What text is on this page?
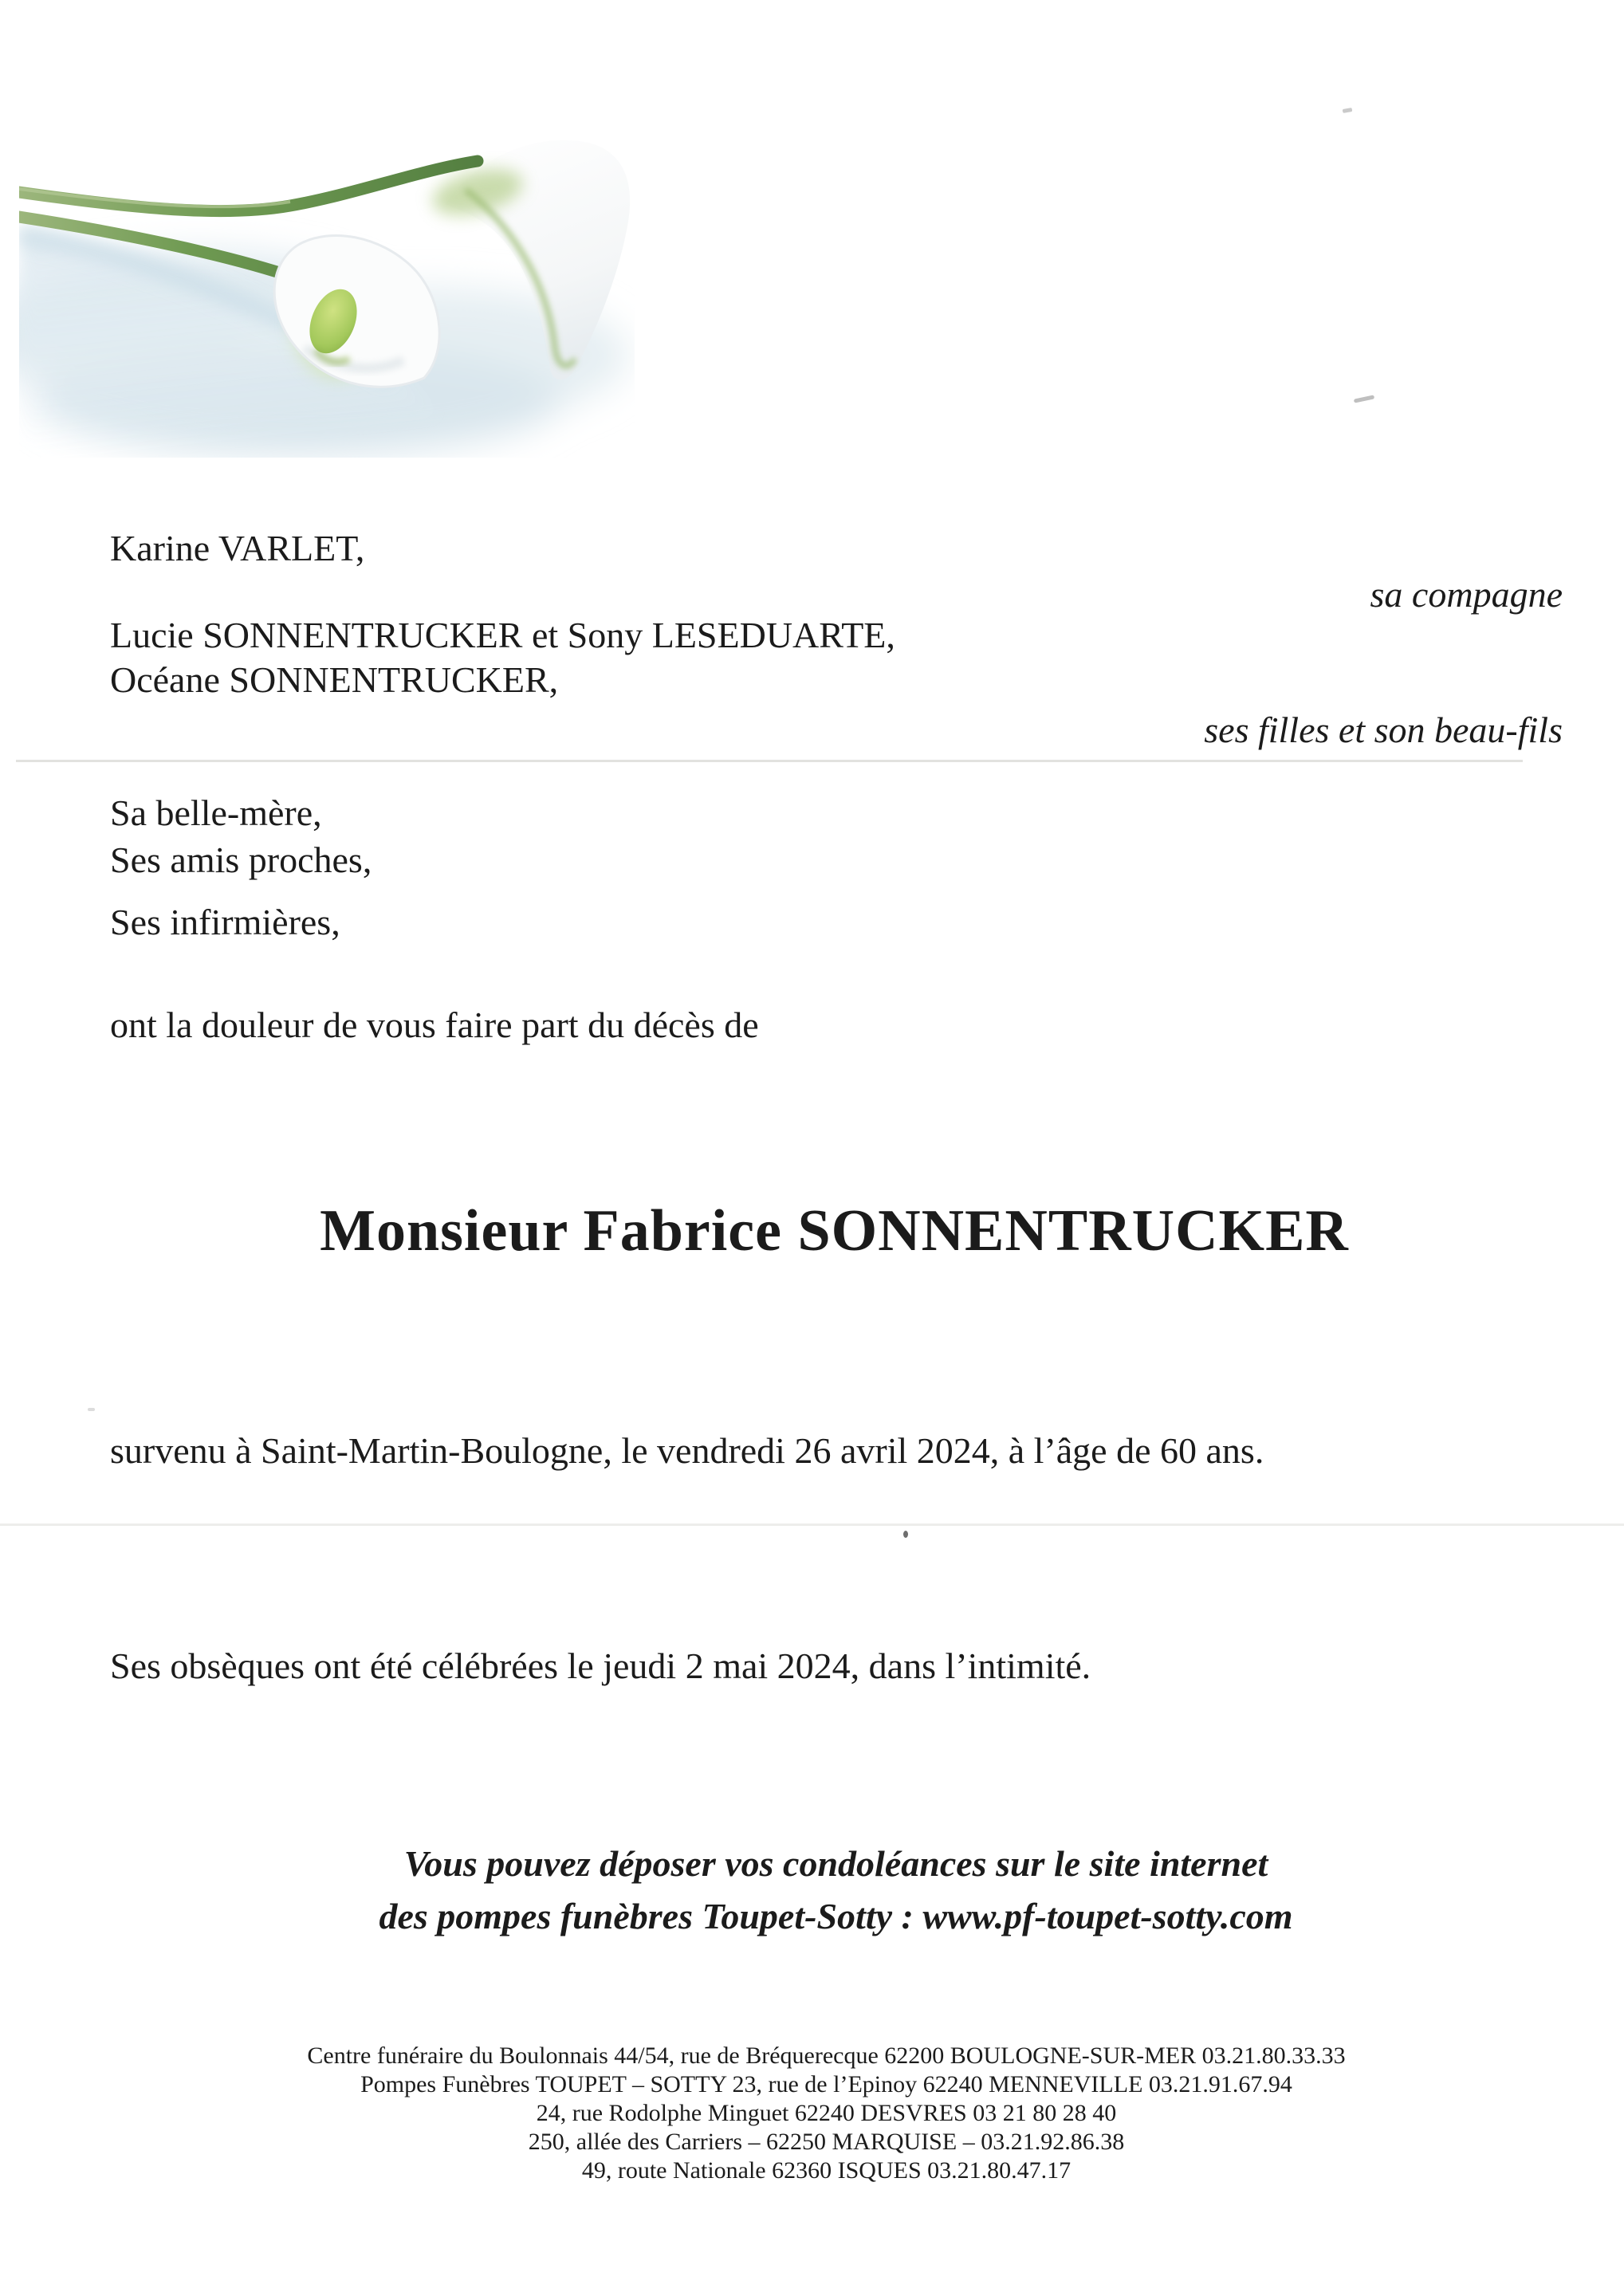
Karine VARLET,
sa compagne
Lucie SONNENTRUCKER et Sony LESEDUARTE,
Océane SONNENTRUCKER,
ses filles et son beau-fils
Sa belle-mère,
Ses amis proches,
Ses infirmières,
ont la douleur de vous faire part du décès de
Monsieur Fabrice SONNENTRUCKER
survenu à Saint-Martin-Boulogne, le vendredi 26 avril 2024, à l’âge de 60 ans.
Ses obsèques ont été célébrées le jeudi 2 mai 2024, dans l’intimité.
Vous pouvez déposer vos condoléances sur le site internet
des pompes funèbres Toupet-Sotty : www.pf-toupet-sotty.com
Centre funéraire du Boulonnais 44/54, rue de Bréquerecque 62200 BOULOGNE-SUR-MER 03.21.80.33.33
Pompes Funèbres TOUPET – SOTTY 23, rue de l’Epinoy 62240 MENNEVILLE 03.21.91.67.94
24, rue Rodolphe Minguet 62240 DESVRES 03 21 80 28 40
250, allée des Carriers – 62250 MARQUISE – 03.21.92.86.38
49, route Nationale 62360 ISQUES 03.21.80.47.17
